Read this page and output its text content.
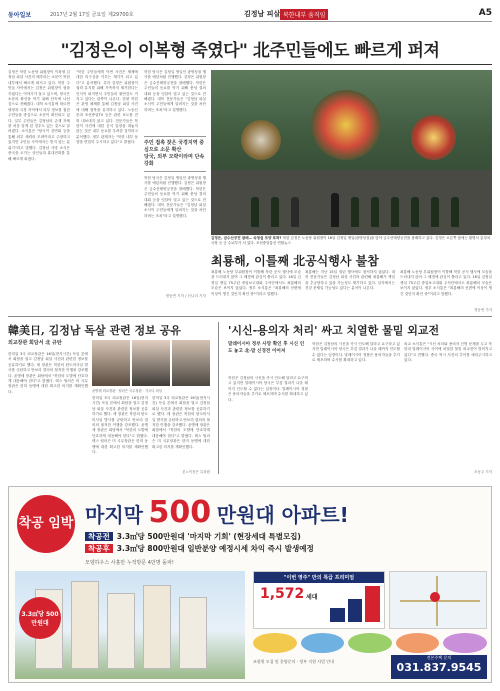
동아일보	2017년 2월 17일 금요일 제29700호	김정남 피살 북한내부 움직임	A5
"김정은이 이복형 죽였다" 北주민들에도 빠르게 퍼져
김정은 북한 노동당 위원장이 이복형 김정남 피살 사건의 배후라는 소문이 북한 내부에서 빠르게 퍼지고 있다. 북한 주민들 사이에서는 김정은 위원장이 형을 죽였다는 이야기가 돌고 있으며, 당국은 소문의 확산을 막기 위해 단속에 나선 것으로 전해졌다. 대북 소식통에 따르면 평양과 국경 지역에서 외부 정보를 접한 주민들을 중심으로 소문이 확산되고 있다. 일부 주민들은 김정남의 존재 자체를 처음 알게 된 경우도 있는 것으로 알려졌다. 소식통은 "당국이 강연회 등을 통해 외부 세력의 모략이라고 주장하고 있지만 주민들 사이에서는 믿지 않는 분위기"라고 말했다. 김정남 사망 소식은 중국을 오가는 상인들과 휴대전화를 통해 빠르게 퍼졌다.
"북한 주민들에게 이번 사건은 체제에 대한 의구심을 키우는 계기가 되고 있다"고 분석했다. 특히 김정은 위원장이 권력 유지를 위해 가족까지 제거한다는 인식이 퍼지면서 주민들의 불안감도 커지고 있다는 관측이 나온다. 한편 북한은 관영 매체를 통해 김정남 피살 사건에 대해 침묵을 유지하고 있다. 노동신문과 조선중앙TV 등은 관련 보도를 전혀 내보내지 않고 있다. 전문가들은 북한이 사건에 대한 공식 입장을 내놓지 않는 것은 내부 동요를 우려한 것이라고 분석했다. 정부 관계자는 "북한 내부 동향을 면밀히 주시하고 있다"고 밝혔다.
북한 당국은 김정일 생일인 광명성절 행사를 예년처럼 진행했다. 김정은 위원장은 금수산태양궁전을 참배했다. 북한은 주민들의 동요를 막기 위해 충성 결의 대회 등을 잇달아 열고 있는 것으로 전해졌다. 대북 전문가들은 "김정남 피살 소식이 주민들에게 알려지는 것을 차단하려는 조치"라고 설명했다.
주민 접촉 잦은 국경지역 중심으로 소문 확산
당국, 외부 모략이라며 단속 강화
북한 당국은 김정일 생일인 광명성절 행사를 예년처럼 진행했다. 김정은 위원장은 금수산태양궁전을 참배했다. 북한은 주민들의 동요를 막기 위해 충성 결의 대회 등을 잇달아 열고 있는 것으로 전해졌다. 대북 전문가들은 "김정남 피살 소식이 주민들에게 알려지는 것을 차단하려는 조치"라고 설명했다.
정동연 기자 / 신나리 기자
김정은, 금수산궁전 참배… 숙청설 모양 포착? 북한 김정은 노동당 위원장이 16일 김정일 생일(광명성절)을 맞아 금수산태양궁전을 참배하고 있다. 김정은 오른쪽 옆에는 황병서 총정치국장 등 군 수뇌부가 서 있다. 조선중앙통신 연합뉴스
최룡해, 이틀째 北공식행사 불참
최룡해 노동당 부위원장이 이틀째 북한 공식 행사에 모습을 드러내지 않아 그 배경에 관심이 쏠리고 있다. 16일 김정일 생일 75주년 중앙보고대회 주석단에서도 최룡해의 모습은 보이지 않았다. 정부 소식통은 "최룡해의 신변에 이상이 생긴 것인지 확인 중"이라고 말했다.
최룡해는 지난 15일 열린 행사에도 참석하지 않았다. 대북 전문가들은 김정남 피살 사건과 관련해 최룡해가 책임을 추궁당하고 있을 가능성도 제기하고 있다. 일각에서는 건강 문제일 가능성도 있다는 분석이 나온다.
최룡해 노동당 부위원장이 이틀째 북한 공식 행사에 모습을 드러내지 않아 그 배경에 관심이 쏠리고 있다. 16일 김정일 생일 75주년 중앙보고대회 주석단에서도 최룡해의 모습은 보이지 않았다. 정부 소식통은 "최룡해의 신변에 이상이 생긴 것인지 확인 중"이라고 말했다.
정동연 기자
韓美日, 김정남 독살 관련 정보 공유
외교장관 회담서 北 규탄
윤병세 외교장관 · 틸러슨 국무장관 · 기시다 외상
한미일 3국 외교장관은 16일(현지시간) 독일 본에서 회담을 열고 김정남 피살 사건과 관련한 정보를 공유하기로 했다. 세 장관은 북한의 탄도미사일 발사를 규탄하고 안보리 결의의 철저한 이행을 강조했다. 윤병세 장관은 회담에서 "북한의 도발에 단호하게 대응해야 한다"고 밝혔다. 렉스 틸러슨 미 국무장관은 한미 동맹에 대한 확고한 의지를 재확인했다.
한미일 3국 외교장관은 16일(현지시간) 독일 본에서 회담을 열고 김정남 피살 사건과 관련한 정보를 공유하기로 했다. 세 장관은 북한의 탄도미사일 발사를 규탄하고 안보리 결의의 철저한 이행을 강조했다. 윤병세 장관은 회담에서 "북한의 도발에 단호하게 대응해야 한다"고 밝혔다. 렉스 틸러슨 미 국무장관은 한미 동맹에 대한 확고한 의지를 재확인했다.
한미일 3국 외교장관은 16일(현지시간) 독일 본에서 회담을 열고 김정남 피살 사건과 관련한 정보를 공유하기로 했다. 세 장관은 북한의 탄도미사일 발사를 규탄하고 안보리 결의의 철저한 이행을 강조했다. 윤병세 장관은 회담에서 "북한의 도발에 단호하게 대응해야 한다"고 밝혔다. 렉스 틸러슨 미 국무장관은 한미 동맹에 대한 확고한 의지를 재확인했다.
본=이정은 특파원
'시신-용의자 처리' 싸고 치열한 물밑 외교전
말레이시아 정부 사망 확인 후 시신 인도 놓고 北-말 신경전 이어져
북한은 김정남의 시신을 즉시 인도해 달라고 요구하고 있지만 말레이시아 당국은 부검 결과가 나올 때까지 인도할 수 없다는 입장이다. 말레이시아 경찰은 용의자들을 추가로 체포하며 수사를 확대하고 있다.
북한은 김정남의 시신을 즉시 인도해 달라고 요구하고 있지만 말레이시아 당국은 부검 결과가 나올 때까지 인도할 수 없다는 입장이다. 말레이시아 경찰은 용의자들을 추가로 체포하며 수사를 확대하고 있다.
외교 소식통은 "시신 처리와 용의자 신병 문제를 두고 북한과 말레이시아 사이에 치열한 물밑 외교전이 벌어지고 있다"고 전했다. 중국 역시 사건의 추이를 예의주시하고 있다.
조동주 기자
착공 임박 마지막 500 만원대 아파트!
착공전 3.3㎡당 500만원대 '마지막 기회' (현장세대 특별모집)
착공후 3.3㎡당 800만원대 일반분양 예정시세 차익 즉시 발생예정
모델하우스 사흘만 누적방문 4만명 돌파!
3.3㎡당 500만원대
"이번 영주" 만의 특급 프리미엄
1,572 세대
견본주택 문의
031.837.9545
조합원 모집 및 분양문의 · 정부 지원 사업 안내
